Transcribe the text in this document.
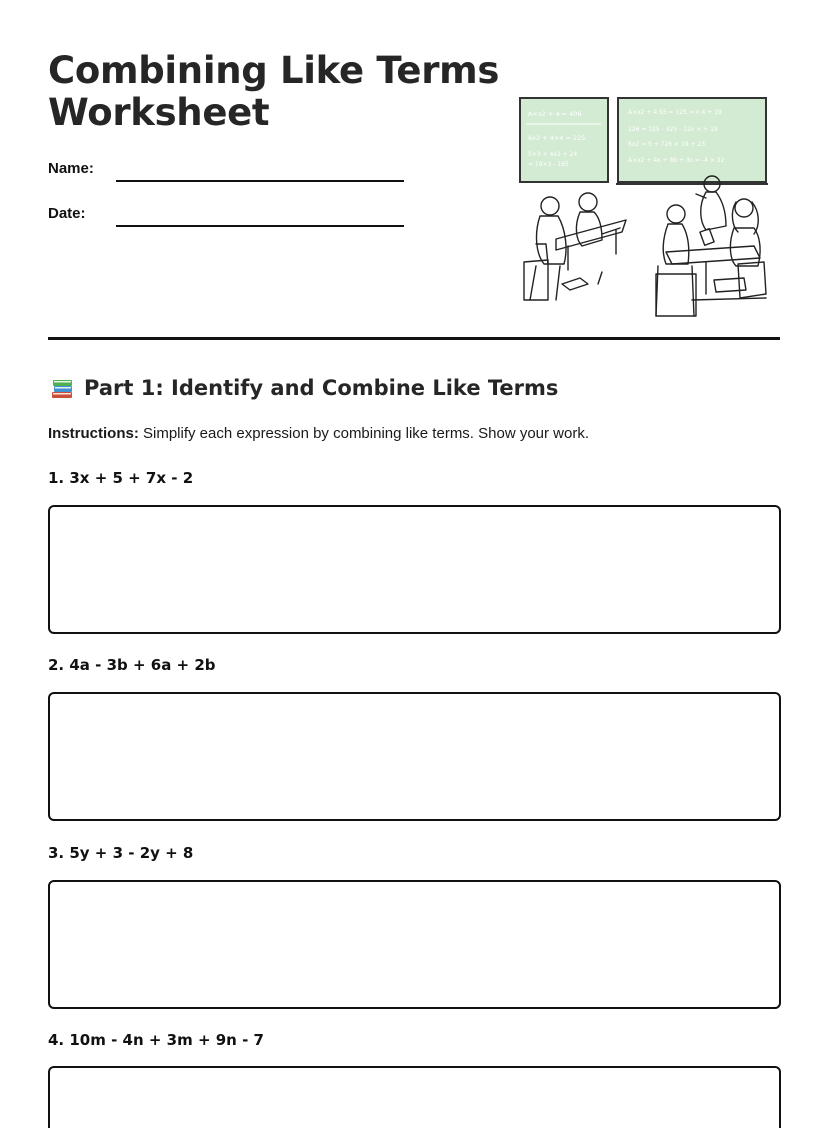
Combining Like Terms
Worksheet
Name:
Date:
A×x2 + 4 = 406
6x2 + 4×4 = 225
5×3 + 4x2 + 24
= 19×3 - 165
A×x2 + 4 55 = 125 = n 4 + 19
226 = 125 - 325 - 12x × + 19
6x2 = 5 + 726 × 19 + 23
A×x2 + 4x + 8b + 3c = -4 × 32
Part 1: Identify and Combine Like Terms
Instructions: Simplify each expression by combining like terms. Show your work.
1. 3x + 5 + 7x - 2
2. 4a - 3b + 6a + 2b
3. 5y + 3 - 2y + 8
4. 10m - 4n + 3m + 9n - 7
